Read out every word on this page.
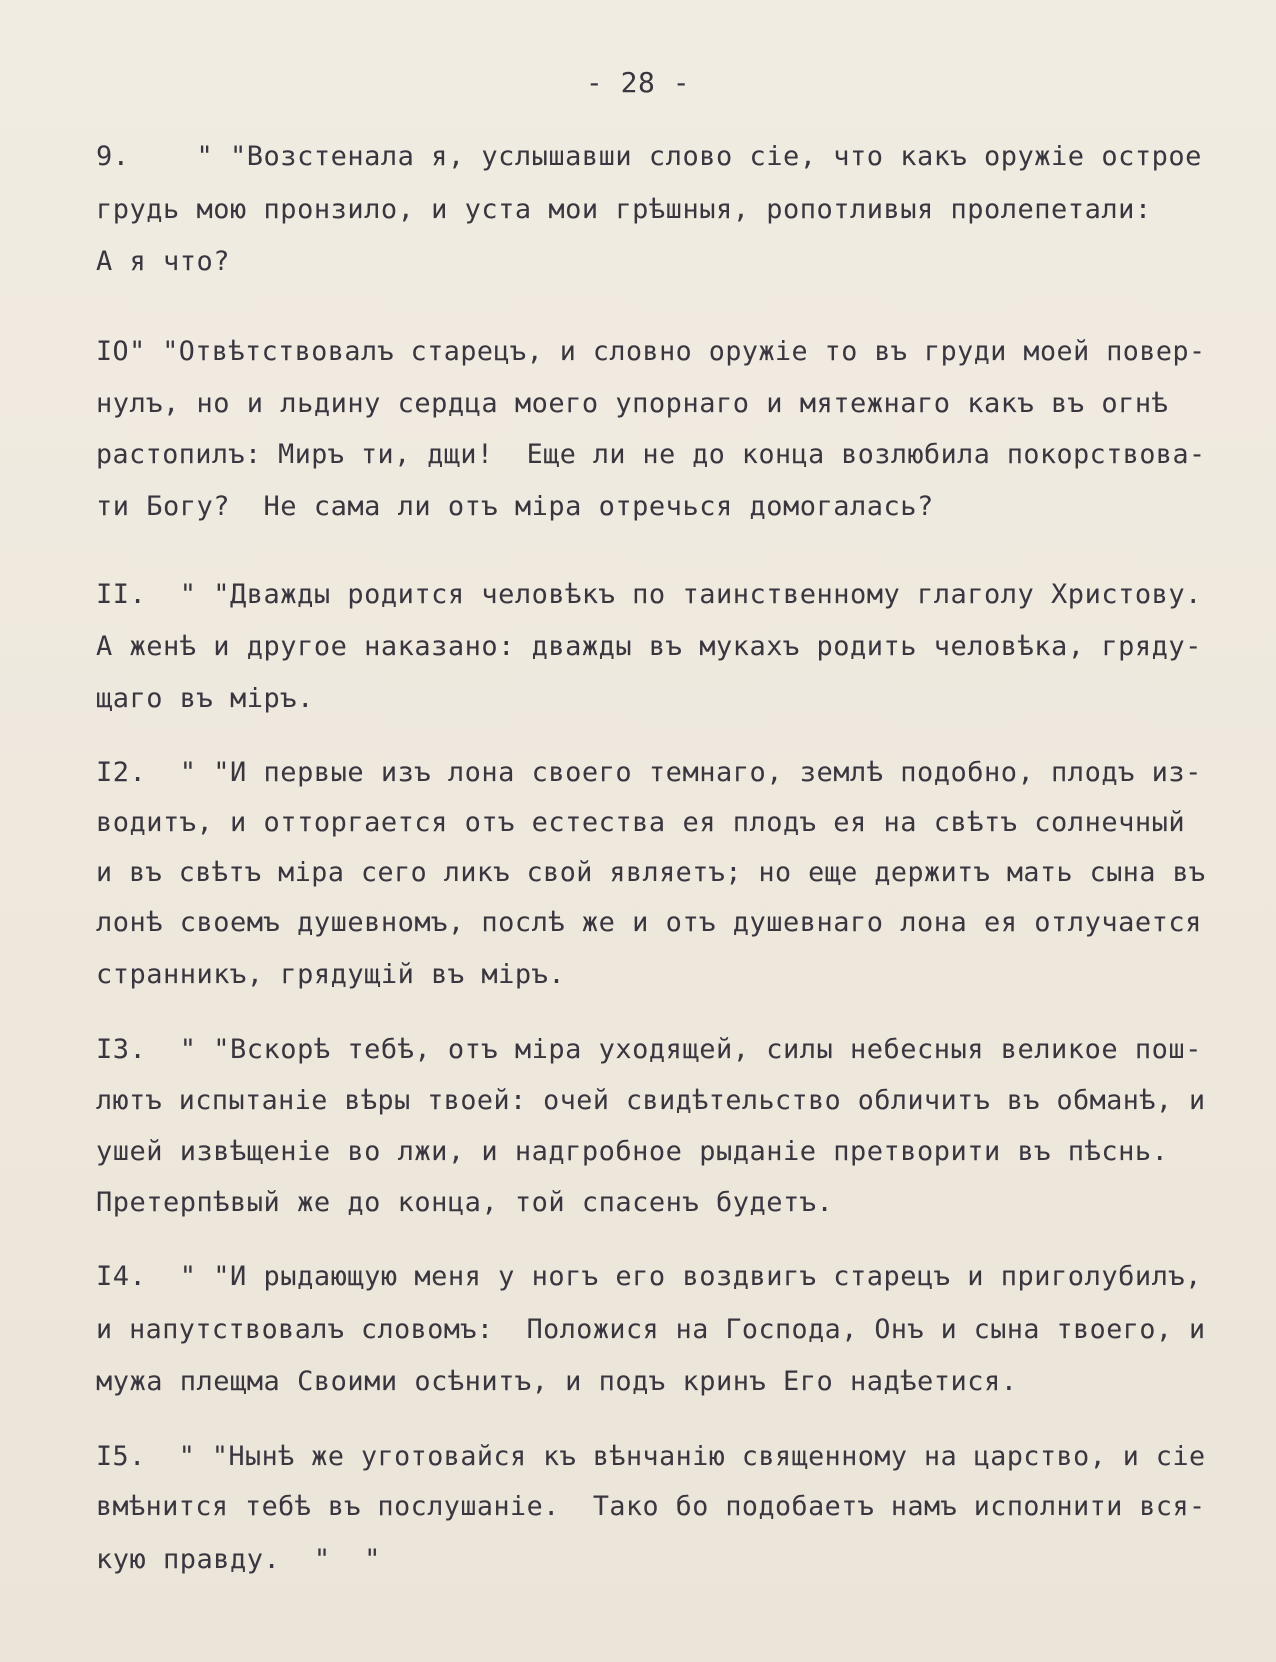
- 28 -
9.    " "Возстенала я, услышавши слово сіе, что какъ оружіе острое
грудь мою пронзило, и уста мои грѣшныя, ропотливыя пролепетали:
А я что?
IO" "Отвѣтствовалъ старецъ, и словно оружіе то въ груди моей повер-
нулъ, но и льдину сердца моего упорнаго и мятежнаго какъ въ огнѣ
растопилъ: Миръ ти, дщи!  Еще ли не до конца возлюбила покорствова-
ти Богу?  Не сама ли отъ міра отречься домогалась?
II.  " "Дважды родится человѣкъ по таинственному глаголу Христову.
А женѣ и другое наказано: дважды въ мукахъ родить человѣка, гряду-
щаго въ міръ.
I2.  " "И первые изъ лона своего темнаго, землѣ подобно, плодъ из-
водитъ, и отторгается отъ естества ея плодъ ея на свѣтъ солнечный
и въ свѣтъ міра сего ликъ свой являетъ; но еще держитъ мать сына въ
лонѣ своемъ душевномъ, послѣ же и отъ душевнаго лона ея отлучается
странникъ, грядущій въ міръ.
I3.  " "Вскорѣ тебѣ, отъ міра уходящей, силы небесныя великое пош-
лютъ испытаніе вѣры твоей: очей свидѣтельство обличитъ въ обманѣ, и
ушей извѣщеніе во лжи, и надгробное рыданіе претворити въ пѣснь.
Претерпѣвый же до конца, той спасенъ будетъ.
I4.  " "И рыдающую меня у ногъ его воздвигъ старецъ и приголубилъ,
и напутствовалъ словомъ:  Положися на Господа, Онъ и сына твоего, и
мужа плещма Своими осѣнитъ, и подъ кринъ Его надѣетися.
I5.  " "Нынѣ же уготовайся къ вѣнчанію священному на царство, и сіе
вмѣнится тебѣ въ послушаніе.  Тако бо подобаетъ намъ исполнити вся-
кую правду.  "  "
